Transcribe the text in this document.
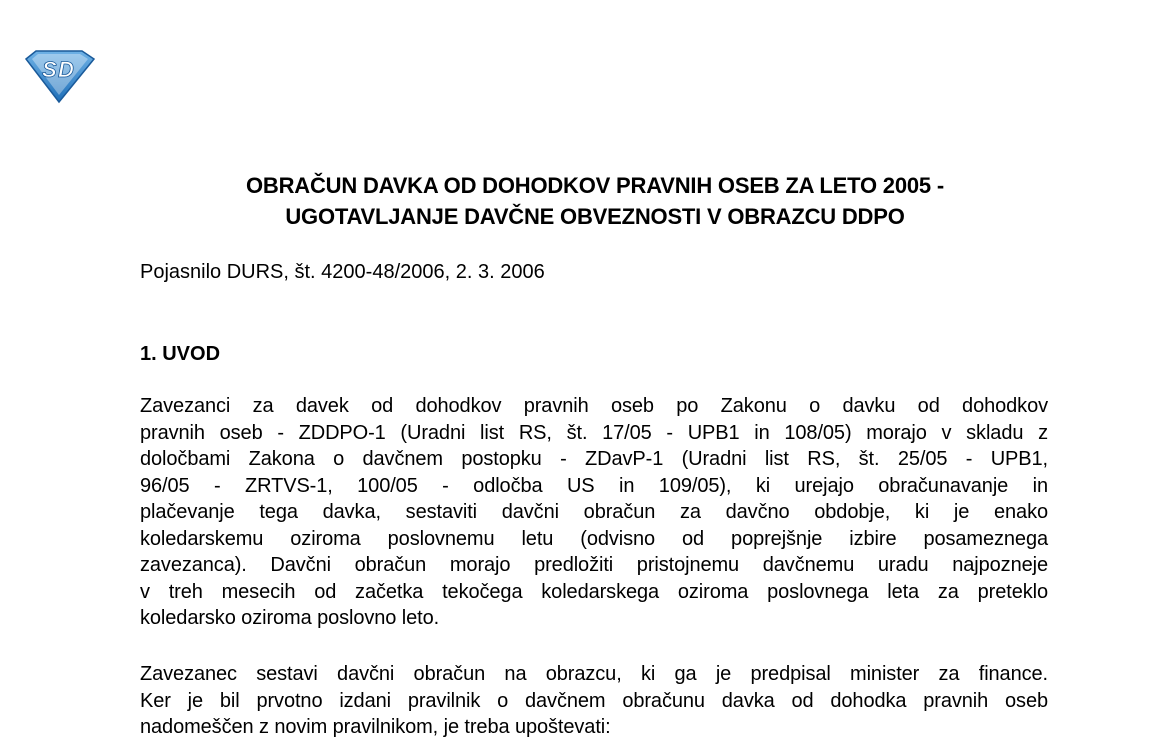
S D
OBRAČUN DAVKA OD DOHODKOV PRAVNIH OSEB ZA LETO 2005 -
UGOTAVLJANJE DAVČNE OBVEZNOSTI V OBRAZCU DDPO
Pojasnilo DURS, št. 4200-48/2006, 2. 3. 2006
1. UVOD
Zavezanci za davek od dohodkov pravnih oseb po Zakonu o davku od dohodkov
pravnih oseb - ZDDPO-1 (Uradni list RS, št. 17/05 - UPB1 in 108/05) morajo v skladu z
določbami Zakona o davčnem postopku - ZDavP-1 (Uradni list RS, št. 25/05 - UPB1,
96/05 - ZRTVS-1, 100/05 - odločba US in 109/05), ki urejajo obračunavanje in
plačevanje tega davka, sestaviti davčni obračun za davčno obdobje, ki je enako
koledarskemu oziroma poslovnemu letu (odvisno od poprejšnje izbire posameznega
zavezanca). Davčni obračun morajo predložiti pristojnemu davčnemu uradu najpozneje
v treh mesecih od začetka tekočega koledarskega oziroma poslovnega leta za preteklo
koledarsko oziroma poslovno leto.
Zavezanec sestavi davčni obračun na obrazcu, ki ga je predpisal minister za finance.
Ker je bil prvotno izdani pravilnik o davčnem obračunu davka od dohodka pravnih oseb
nadomeščen z novim pravilnikom, je treba upoštevati:
